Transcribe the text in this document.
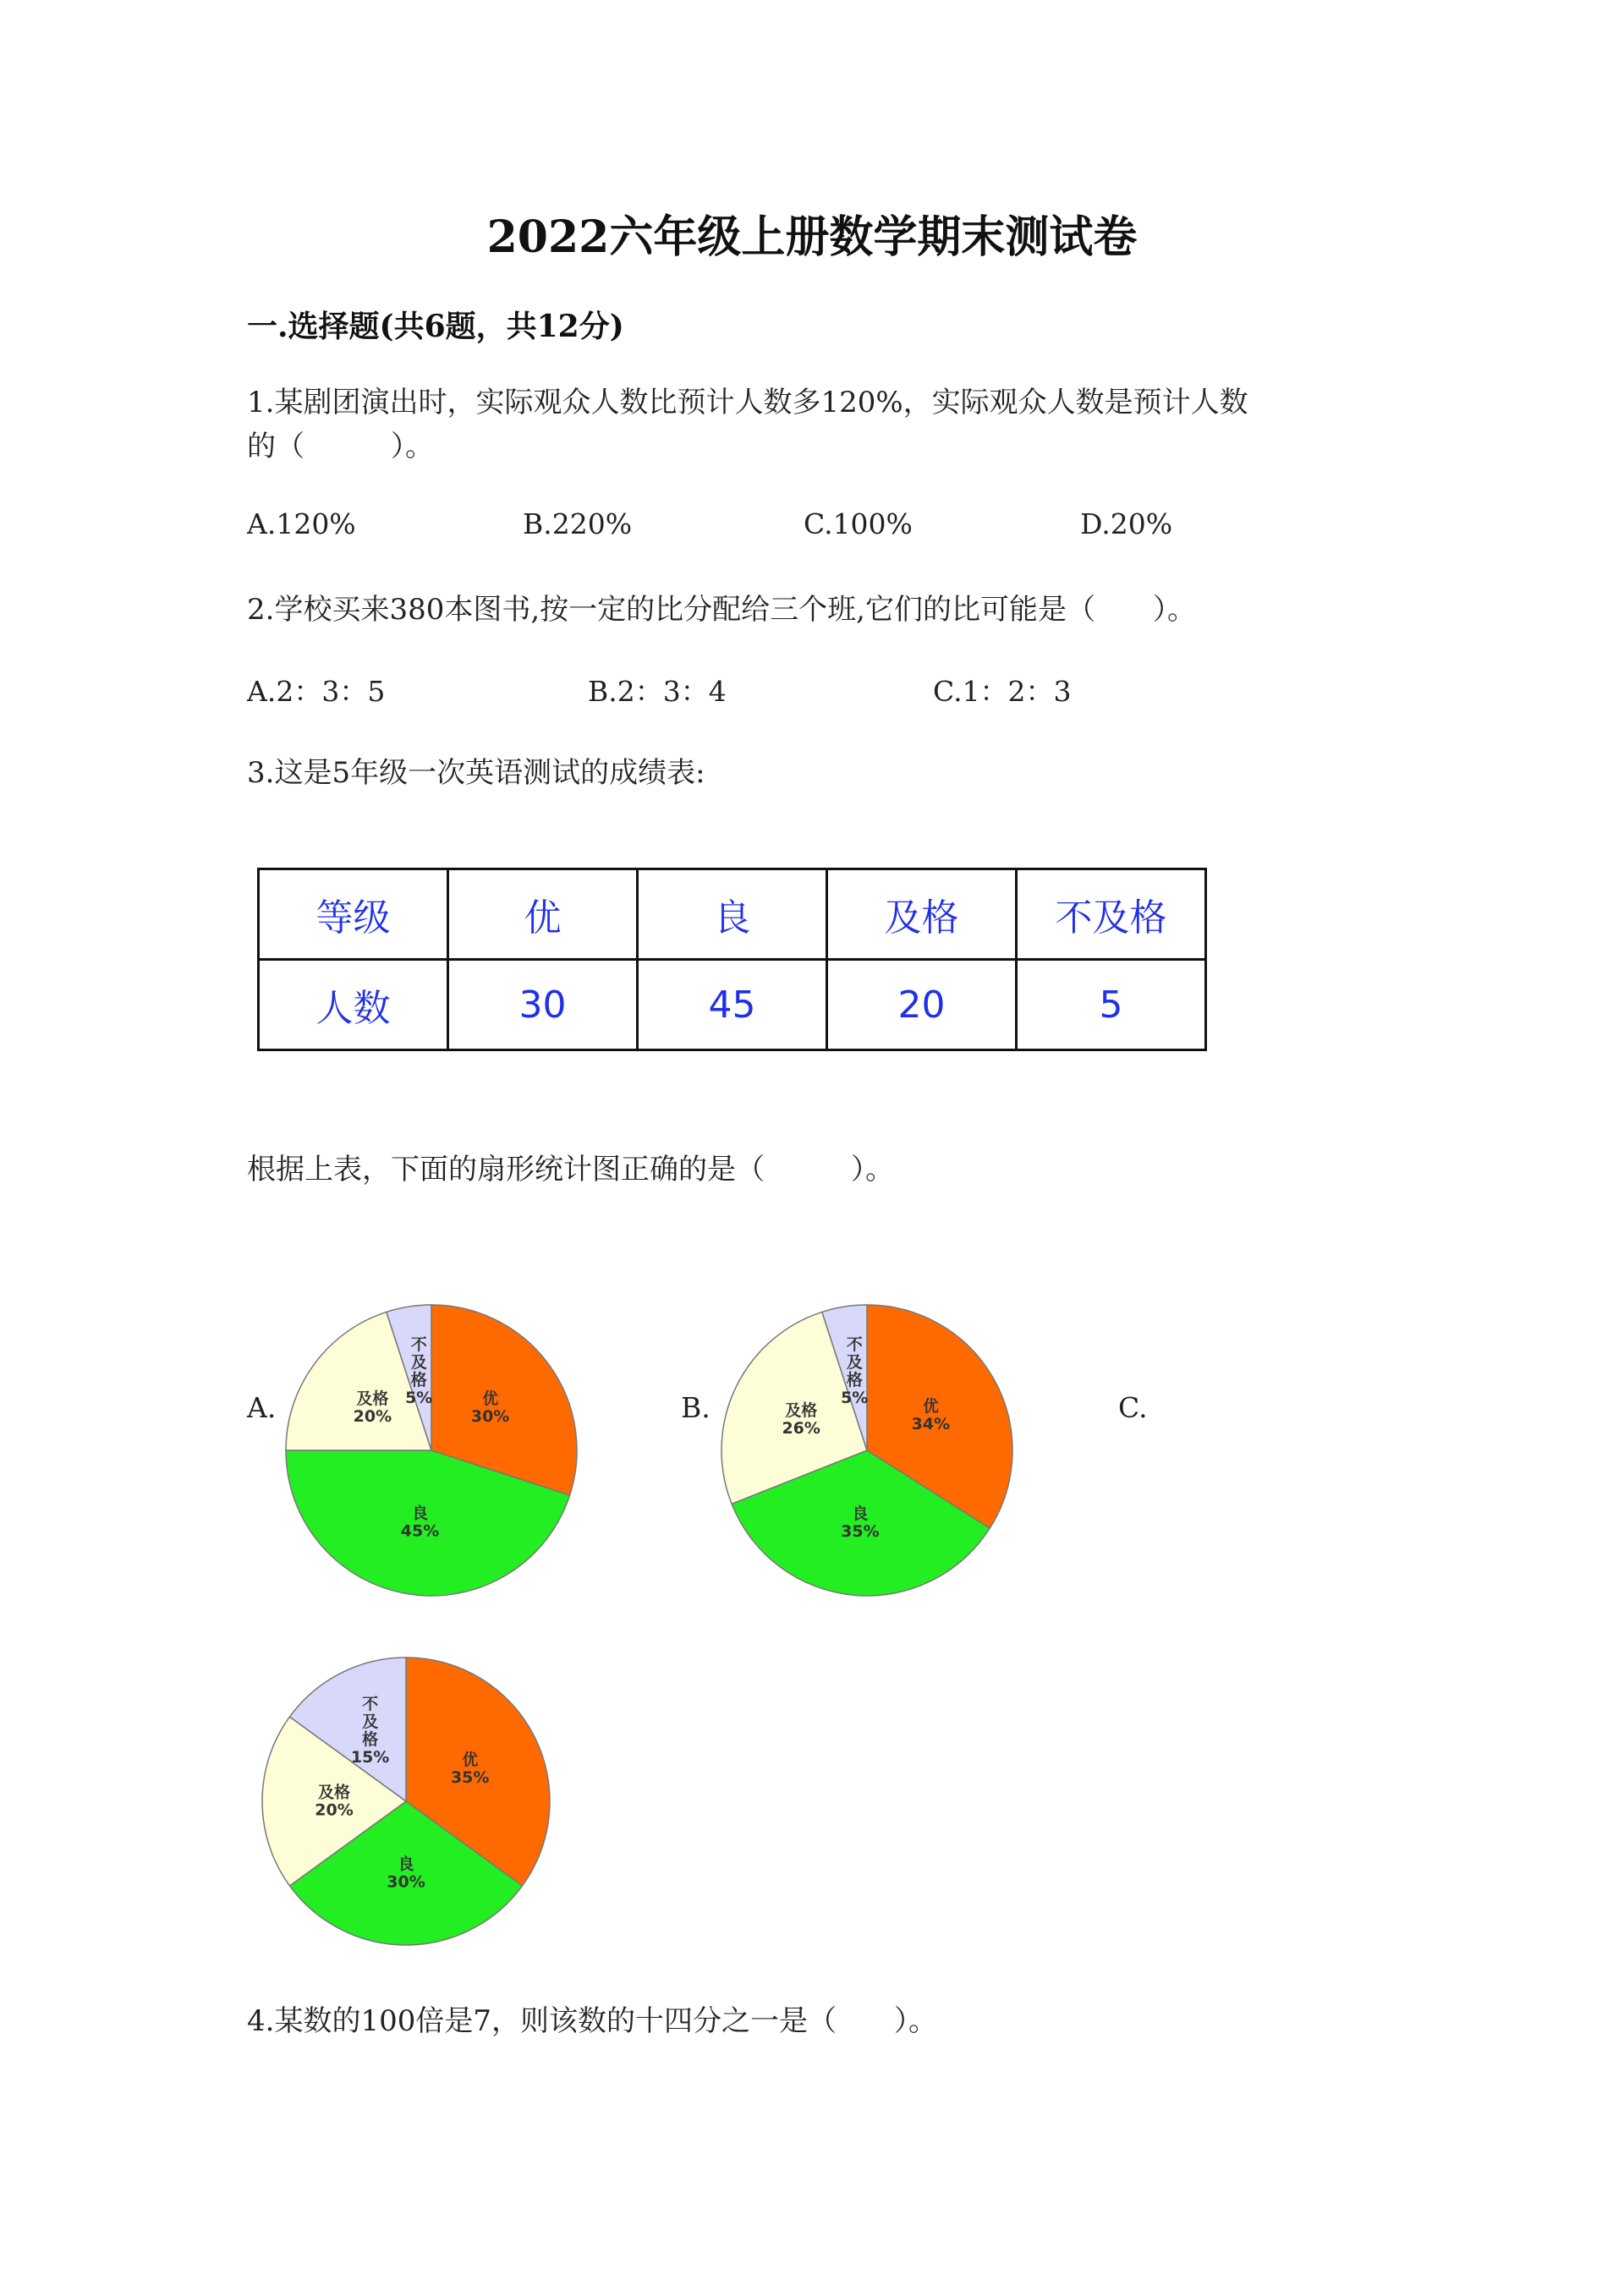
2022六年级上册数学期末测试卷
一.选择题(共6题，共12分)
1.某剧团演出时，实际观众人数比预计人数多120%，实际观众人数是预计人数
的（　　　）。
A.120%	B.220%	C.100%	D.20%
2.学校买来380本图书,按一定的比分配给三个班,它们的比可能是（　　）。
A.2：3：5	B.2：3：4	C.1：2：3
3.这是5年级一次英语测试的成绩表:
等级	优	良	及格	不及格
人数	30	45	20	5
根据上表，下面的扇形统计图正确的是（　　　）。
A.	B.	C.
优
30%
良
45%
及格
20%
不
及
格
5%	优
34%
良
35%
及格
26%
不
及
格
5%
优
35%
良
30%
及格
20%
不
及
格
15%
4.某数的100倍是7，则该数的十四分之一是（　　）。
